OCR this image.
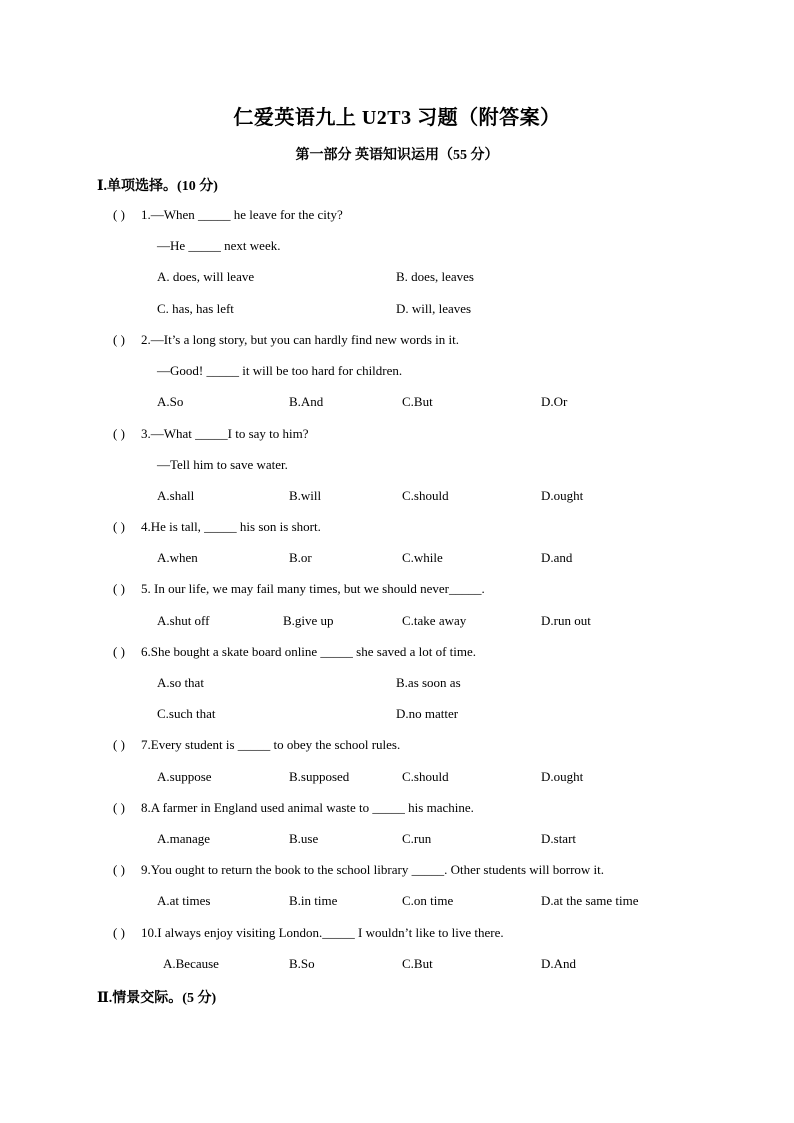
仁爱英语九上 U2T3 习题（附答案）
第一部分 英语知识运用（55 分）
Ⅰ.单项选择。(10 分)
( ) 1.—When _____ he leave for the city?
—He _____ next week.
A. does, will leave	B. does, leaves
C. has, has left	D. will, leaves
( ) 2.—It’s a long story, but you can hardly find new words in it.
—Good! _____ it will be too hard for children.
A.So	B.And	C.But	D.Or
( ) 3.—What _____I to say to him?
—Tell him to save water.
A.shall	B.will	C.should	D.ought
( ) 4.He is tall, _____ his son is short.
A.when	B.or	C.while	D.and
( ) 5. In our life, we may fail many times, but we should never_____.
A.shut off	B.give up	C.take away	D.run out
( ) 6.She bought a skate board online _____ she saved a lot of time.
A.so that	B.as soon as
C.such that	D.no matter
( ) 7.Every student is _____ to obey the school rules.
A.suppose	B.supposed	C.should	D.ought
( ) 8.A farmer in England used animal waste to _____ his machine.
A.manage	B.use	C.run	D.start
( ) 9.You ought to return the book to the school library _____. Other students will borrow it.
A.at times	B.in time	C.on time	D.at the same time
( ) 10.I always enjoy visiting London._____ I wouldn’t like to live there.
A.Because	B.So	C.But	D.And
Ⅱ.情景交际。(5 分)
